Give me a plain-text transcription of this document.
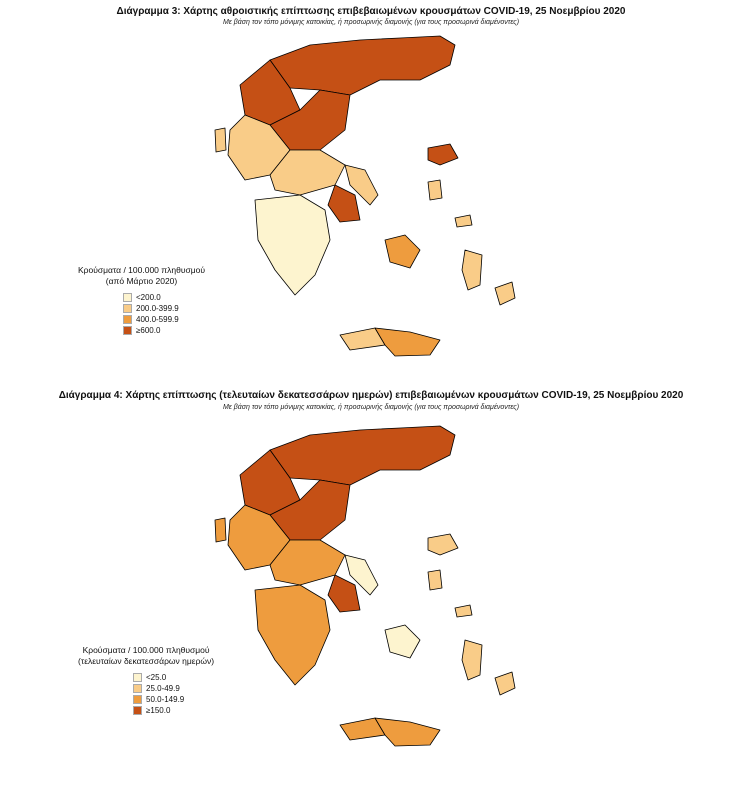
Διάγραμμα 3: Χάρτης αθροιστικής επίπτωσης επιβεβαιωμένων κρουσμάτων COVID-19, 25 Νοεμβρίου 2020
Με βάση τον τόπο μόνιμης κατοικίας, ή προσωρινής διαμονής (για τους προσωρινά διαμένοντες)
Κρούσματα / 100.000 πληθυσμού
(από Μάρτιο 2020)
<200.0
200.0-399.9
400.0-599.9
≥600.0
Διάγραμμα 4: Χάρτης επίπτωσης (τελευταίων δεκατεσσάρων ημερών) επιβεβαιωμένων κρουσμάτων COVID-19, 25 Νοεμβρίου 2020
Με βάση τον τόπο μόνιμης κατοικίας, ή προσωρινής διαμονής (για τους προσωρινά διαμένοντες)
Κρούσματα / 100.000 πληθυσμού
(τελευταίων δεκατεσσάρων ημερών)
<25.0
25.0-49.9
50.0-149.9
≥150.0
